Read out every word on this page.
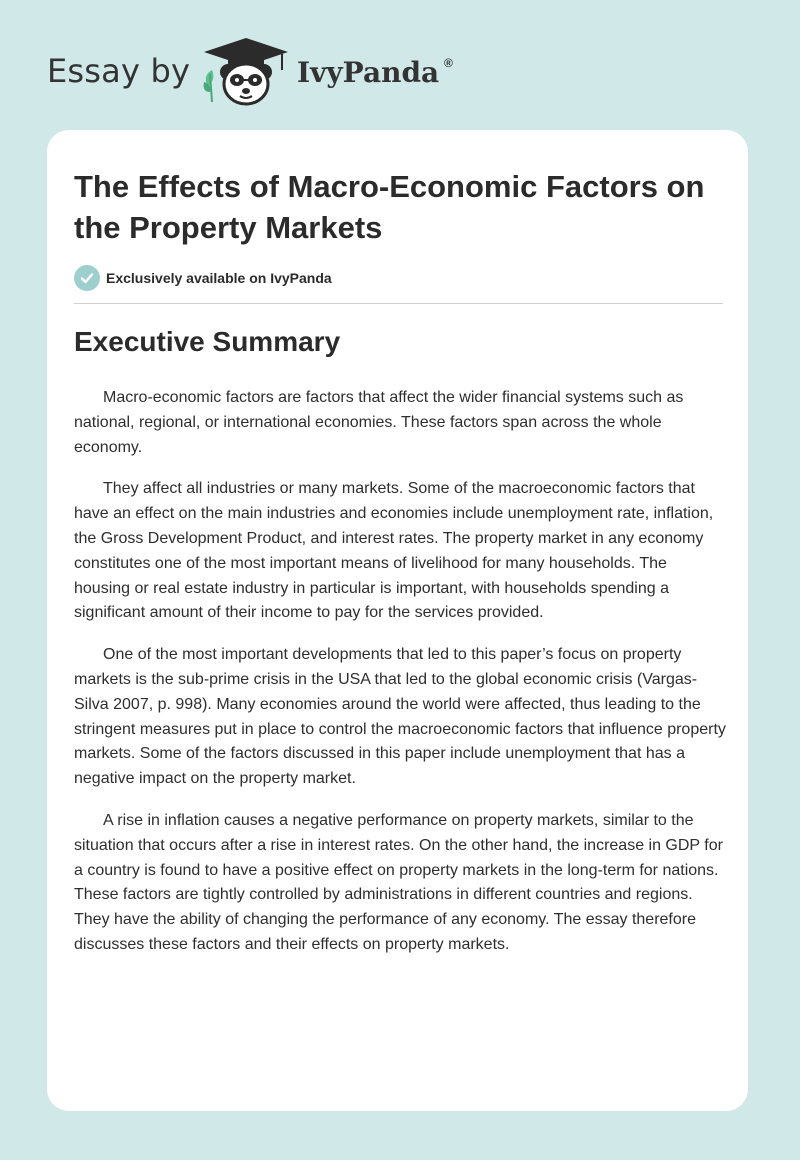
Essay by	IvyPanda ®
The Effects of Macro-Economic Factors on the Property Markets
Exclusively available on IvyPanda
Executive Summary

Macro-economic factors are factors that affect the wider financial systems such as national, regional, or international economies. These factors span across the whole economy.

They affect all industries or many markets. Some of the macroeconomic factors that have an effect on the main industries and economies include unemployment rate, inflation, the Gross Development Product, and interest rates. The property market in any economy constitutes one of the most important means of livelihood for many households. The housing or real estate industry in particular is important, with households spending a significant amount of their income to pay for the services provided.

One of the most important developments that led to this paper’s focus on property markets is the sub-prime crisis in the USA that led to the global economic crisis (Vargas-Silva 2007, p. 998). Many economies around the world were affected, thus leading to the stringent measures put in place to control the macroeconomic factors that influence property markets. Some of the factors discussed in this paper include unemployment that has a negative impact on the property market.

A rise in inflation causes a negative performance on property markets, similar to the situation that occurs after a rise in interest rates. On the other hand, the increase in GDP for a country is found to have a positive effect on property markets in the long-term for nations. These factors are tightly controlled by administrations in different countries and regions. They have the ability of changing the performance of any economy. The essay therefore discusses these factors and their effects on property markets.
